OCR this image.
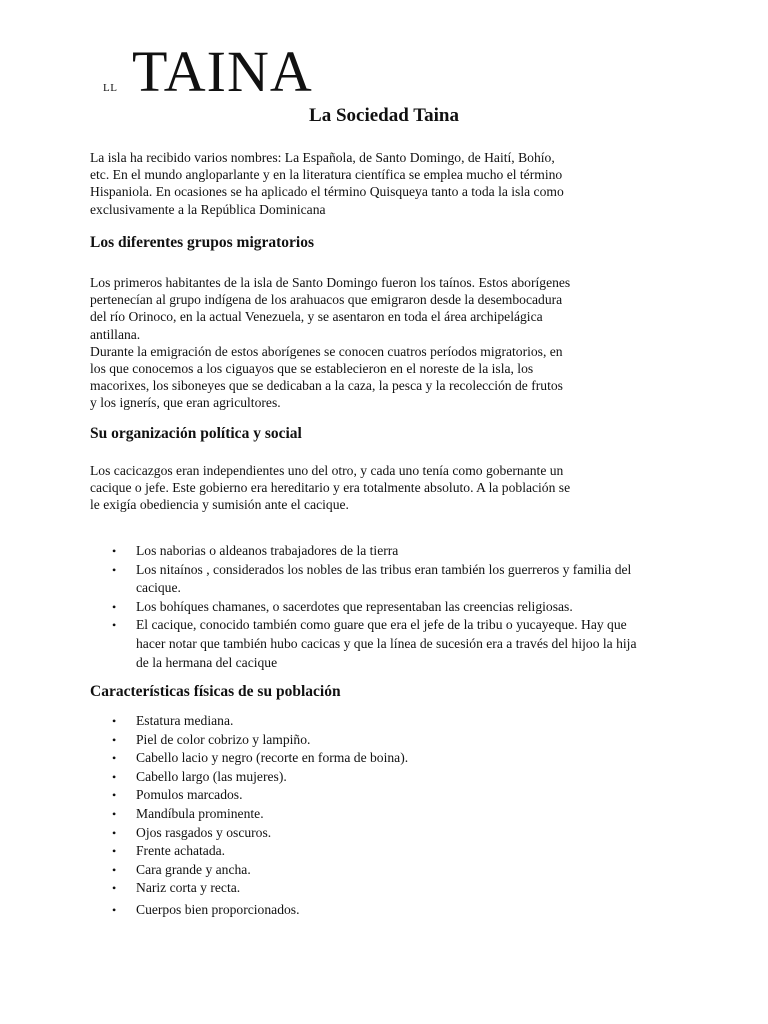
LL TAINA
La Sociedad Taina
La isla ha recibido varios nombres: La Española, de Santo Domingo, de Haití, Bohío,
etc. En el mundo angloparlante y en la literatura científica se emplea mucho el término
Hispaniola. En ocasiones se ha aplicado el término Quisqueya tanto a toda la isla como
exclusivamente a la República Dominicana
Los diferentes grupos migratorios
Los primeros habitantes de la isla de Santo Domingo fueron los taínos. Estos aborígenes
pertenecían al grupo indígena de los arahuacos que emigraron desde la desembocadura
del río Orinoco, en la actual Venezuela, y se asentaron en toda el área archipelágica
antillana.
Durante la emigración de estos aborígenes se conocen cuatros períodos migratorios, en
los que conocemos a los ciguayos que se establecieron en el noreste de la isla, los
macorixes, los siboneyes que se dedicaban a la caza, la pesca y la recolección de frutos
y los ignerís, que eran agricultores.
Su organización política y social
Los cacicazgos eran independientes uno del otro, y cada uno tenía como gobernante un
cacique o jefe. Este gobierno era hereditario y era totalmente absoluto. A la población se
le exigía obediencia y sumisión ante el cacique.
• Los naborias o aldeanos trabajadores de la tierra
• Los nitaínos , considerados los nobles de las tribus eran también los guerreros y familia del
cacique.
• Los bohíques chamanes, o sacerdotes que representaban las creencias religiosas.
• El cacique, conocido también como guare que era el jefe de la tribu o yucayeque. Hay que
hacer notar que también hubo cacicas y que la línea de sucesión era a través del hijoo la hija
de la hermana del cacique
Características físicas de su población
• Estatura mediana.
• Piel de color cobrizo y lampiño.
• Cabello lacio y negro (recorte en forma de boina).
• Cabello largo (las mujeres).
• Pomulos marcados.
• Mandíbula prominente.
• Ojos rasgados y oscuros.
• Frente achatada.
• Cara grande y ancha.
• Nariz corta y recta.
• Cuerpos bien proporcionados.
